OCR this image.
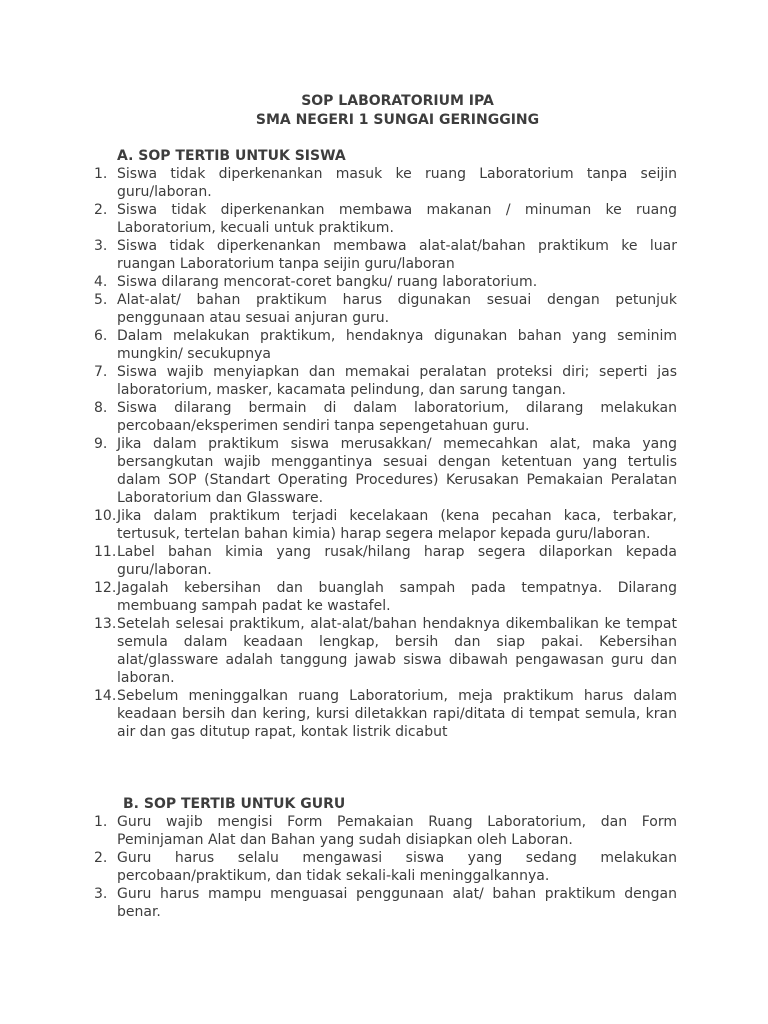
SOP LABORATORIUM IPA
SMA NEGERI 1 SUNGAI GERINGGING
A. SOP TERTIB UNTUK SISWA
1. Siswa tidak diperkenankan masuk ke ruang Laboratorium tanpa seijin guru/laboran.
2. Siswa tidak diperkenankan membawa makanan / minuman ke ruang Laboratorium, kecuali untuk praktikum.
3. Siswa tidak diperkenankan membawa alat-alat/bahan praktikum ke luar ruangan Laboratorium tanpa seijin guru/laboran
4. Siswa dilarang mencorat-coret bangku/ ruang laboratorium.
5. Alat-alat/ bahan praktikum harus digunakan sesuai dengan petunjuk penggunaan atau sesuai anjuran guru.
6. Dalam melakukan praktikum, hendaknya digunakan bahan yang seminim mungkin/ secukupnya
7. Siswa wajib menyiapkan dan memakai peralatan proteksi diri; seperti jas laboratorium, masker, kacamata pelindung, dan sarung tangan.
8. Siswa dilarang bermain di dalam laboratorium, dilarang melakukan percobaan/eksperimen sendiri tanpa sepengetahuan guru.
9. Jika dalam praktikum siswa merusakkan/ memecahkan alat, maka yang bersangkutan wajib menggantinya sesuai dengan ketentuan yang tertulis dalam SOP (Standart Operating Procedures) Kerusakan Pemakaian Peralatan Laboratorium dan Glassware.
10. Jika dalam praktikum terjadi kecelakaan (kena pecahan kaca, terbakar, tertusuk, tertelan bahan kimia) harap segera melapor kepada guru/laboran.
11. Label bahan kimia yang rusak/hilang harap segera dilaporkan kepada guru/laboran.
12. Jagalah kebersihan dan buanglah sampah pada tempatnya. Dilarang membuang sampah padat ke wastafel.
13. Setelah selesai praktikum, alat-alat/bahan hendaknya dikembalikan ke tempat semula dalam keadaan lengkap, bersih dan siap pakai. Kebersihan alat/glassware adalah tanggung jawab siswa dibawah pengawasan guru dan laboran.
14. Sebelum meninggalkan ruang Laboratorium, meja praktikum harus dalam keadaan bersih dan kering, kursi diletakkan rapi/ditata di tempat semula, kran air dan gas ditutup rapat, kontak listrik dicabut
B. SOP TERTIB UNTUK GURU
1. Guru wajib mengisi Form Pemakaian Ruang Laboratorium, dan Form Peminjaman Alat dan Bahan yang sudah disiapkan oleh Laboran.
2. Guru harus selalu mengawasi siswa yang sedang melakukan percobaan/praktikum, dan tidak sekali-kali meninggalkannya.
3. Guru harus mampu menguasai penggunaan alat/ bahan praktikum dengan benar.
